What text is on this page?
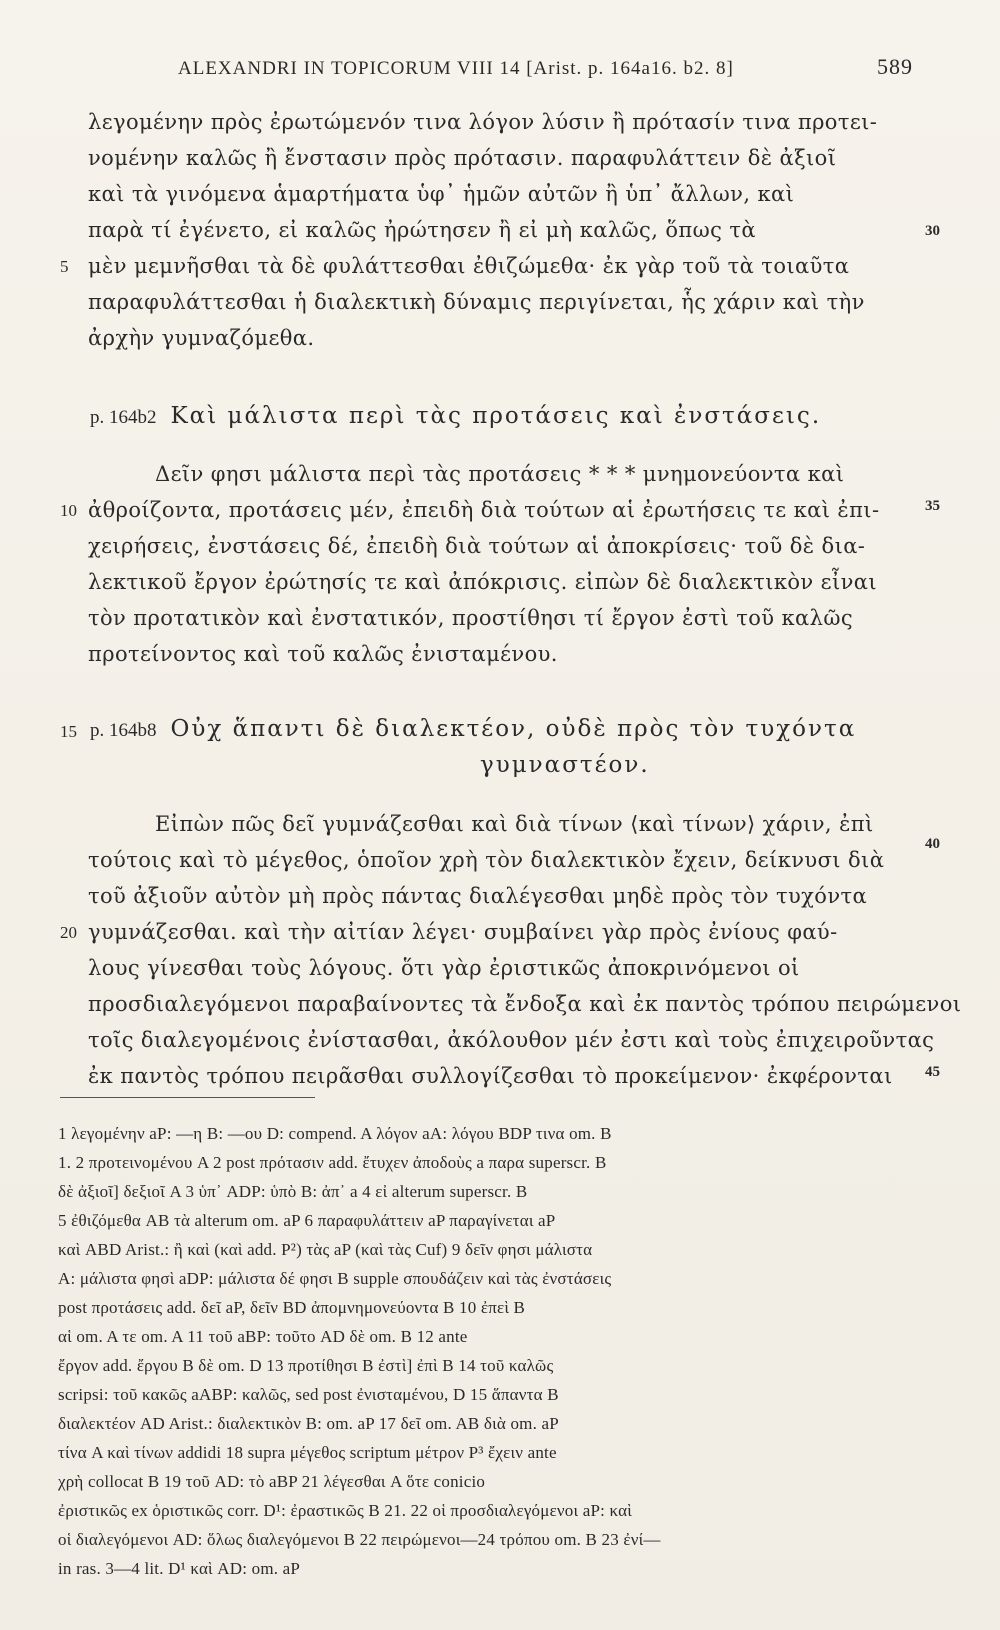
ALEXANDRI IN TOPICORUM VIII 14 [Arist. p. 164a16. b2. 8]	589
λεγομένην πρὸς ἐρωτώμενόν τινα λόγον λύσιν ἢ πρότασίν τινα προτει-
νομένην καλῶς ἢ ἔνστασιν πρὸς πρότασιν. παραφυλάττειν δὲ ἀξιοῖ
καὶ τὰ γινόμενα ἁμαρτήματα ὑφ᾽ ἡμῶν αὐτῶν ἢ ὑπ᾽ ἄλλων, καὶ
παρὰ τί ἐγένετο, εἰ καλῶς ἠρώτησεν ἢ εἰ μὴ καλῶς, ὅπως τὰ
μὲν μεμνῆσθαι τὰ δὲ φυλάττεσθαι ἐθιζώμεθα· ἐκ γὰρ τοῦ τὰ τοιαῦτα
παραφυλάττεσθαι ἡ διαλεκτικὴ δύναμις περιγίνεται, ἧς χάριν καὶ τὴν
ἀρχὴν γυμναζόμεθα.
p. 164b2 Καὶ μάλιστα περὶ τὰς προτάσεις καὶ ἐνστάσεις.
Δεῖν φησι μάλιστα περὶ τὰς προτάσεις * * * μνημονεύοντα καὶ
ἀθροίζοντα, προτάσεις μέν, ἐπειδὴ διὰ τούτων αἱ ἐρωτήσεις τε καὶ ἐπι-
χειρήσεις, ἐνστάσεις δέ, ἐπειδὴ διὰ τούτων αἱ ἀποκρίσεις· τοῦ δὲ δια-
λεκτικοῦ ἔργον ἐρώτησίς τε καὶ ἀπόκρισις. εἰπὼν δὲ διαλεκτικὸν εἶναι
τὸν προτατικὸν καὶ ἐνστατικόν, προστίθησι τί ἔργον ἐστὶ τοῦ καλῶς
προτείνοντος καὶ τοῦ καλῶς ἐνισταμένου.
p. 164b8 Οὐχ ἅπαντι δὲ διαλεκτέον, οὐδὲ πρὸς τὸν τυχόντα
γυμναστέον.
Εἰπὼν πῶς δεῖ γυμνάζεσθαι καὶ διὰ τίνων ⟨καὶ τίνων⟩ χάριν, ἐπὶ
τούτοις καὶ τὸ μέγεθος, ὁποῖον χρὴ τὸν διαλεκτικὸν ἔχειν, δείκνυσι διὰ
τοῦ ἀξιοῦν αὐτὸν μὴ πρὸς πάντας διαλέγεσθαι μηδὲ πρὸς τὸν τυχόντα
γυμνάζεσθαι. καὶ τὴν αἰτίαν λέγει· συμβαίνει γὰρ πρὸς ἐνίους φαύ-
λους γίνεσθαι τοὺς λόγους. ὅτι γὰρ ἐριστικῶς ἀποκρινόμενοι οἱ
προσδιαλεγόμενοι παραβαίνοντες τὰ ἔνδοξα καὶ ἐκ παντὸς τρόπου πειρώμενοι
τοῖς διαλεγομένοις ἐνίστασθαι, ἀκόλουθον μέν ἐστι καὶ τοὺς ἐπιχειροῦντας
ἐκ παντὸς τρόπου πειρᾶσθαι συλλογίζεσθαι τὸ προκείμενον· ἐκφέρονται
5
10
15
20
30
35
40
45
1 λεγομένην aP: —η B: —ου D: compend. A λόγον aA: λόγου BDP τινα om. B
1. 2 προτεινομένου A 2 post πρότασιν add. ἔτυχεν ἀποδοὺς a παρα superscr. B
δὲ ἀξιοῖ] δεξιοῖ A 3 ὑπ᾽ ADP: ὑπὸ B: ἀπ᾽ a 4 εἰ alterum superscr. B
5 ἐθιζόμεθα AB τὰ alterum om. aP 6 παραφυλάττειν aP παραγίνεται aP
καὶ ABD Arist.: ἢ καὶ (καὶ add. P²) τὰς aP (καὶ τὰς Cuf) 9 δεῖν φησι μάλιστα
A: μάλιστα φησὶ aDP: μάλιστα δέ φησι B supple σπουδάζειν καὶ τὰς ἐνστάσεις
post προτάσεις add. δεῖ aP, δεῖν BD ἀπομνημονεύοντα B 10 ἐπεὶ B
αἱ om. A τε om. A 11 τοῦ aBP: τοῦτο AD δὲ om. B 12 ante
ἔργον add. ἔργου B δὲ om. D 13 προτίθησι B ἐστὶ] ἐπὶ B 14 τοῦ καλῶς
scripsi: τοῦ κακῶς aABP: καλῶς, sed post ἐνισταμένου, D 15 ἅπαντα B
διαλεκτέον AD Arist.: διαλεκτικὸν B: om. aP 17 δεῖ om. AB διὰ om. aP
τίνα A καὶ τίνων addidi 18 supra μέγεθος scriptum μέτρον P³ ἔχειν ante
χρὴ collocat B 19 τοῦ AD: τὸ aBP 21 λέγεσθαι A ὅτε conicio
ἐριστικῶς ex ὁριστικῶς corr. D¹: ἐραστικῶς B 21. 22 οἱ προσδιαλεγόμενοι aP: καὶ
οἱ διαλεγόμενοι AD: ὅλως διαλεγόμενοι B 22 πειρώμενοι—24 τρόπου om. B 23 ἐνί—
in ras. 3—4 lit. D¹ καὶ AD: om. aP
